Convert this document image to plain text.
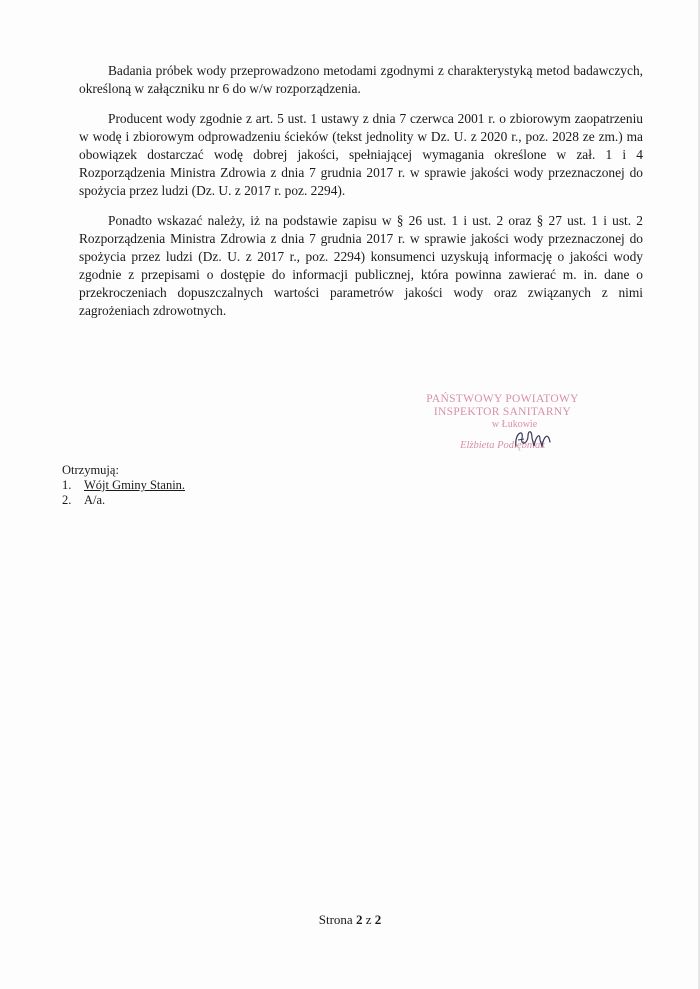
Badania próbek wody przeprowadzono metodami zgodnymi z charakterystyką metod badawczych, określoną w załączniku nr 6 do w/w rozporządzenia.

Producent wody zgodnie z art. 5 ust. 1 ustawy z dnia 7 czerwca 2001 r. o zbiorowym zaopatrzeniu w wodę i zbiorowym odprowadzeniu ścieków (tekst jednolity w Dz. U. z 2020 r., poz. 2028 ze zm.) ma obowiązek dostarczać wodę dobrej jakości, spełniającej wymagania określone w zał. 1 i 4 Rozporządzenia Ministra Zdrowia z dnia 7 grudnia 2017 r. w sprawie jakości wody przeznaczonej do spożycia przez ludzi (Dz. U. z 2017 r. poz. 2294).

Ponadto wskazać należy, iż na podstawie zapisu w § 26 ust. 1 i ust. 2 oraz § 27 ust. 1 i ust. 2 Rozporządzenia Ministra Zdrowia z dnia 7 grudnia 2017 r. w sprawie jakości wody przeznaczonej do spożycia przez ludzi (Dz. U. z 2017 r., poz. 2294) konsumenci uzyskują informację o jakości wody zgodnie z przepisami o dostępie do informacji publicznej, która powinna zawierać m. in. dane o przekroczeniach dopuszczalnych wartości parametrów jakości wody oraz związanych z nimi zagrożeniach zdrowotnych.

PAŃSTWOWY POWIATOWY
INSPEKTOR SANITARNY
w Łukowie
Elżbieta Podlębniak
Otrzymują:
1.	Wójt Gminy Stanin.
2.	A/a.
Strona 2 z 2
